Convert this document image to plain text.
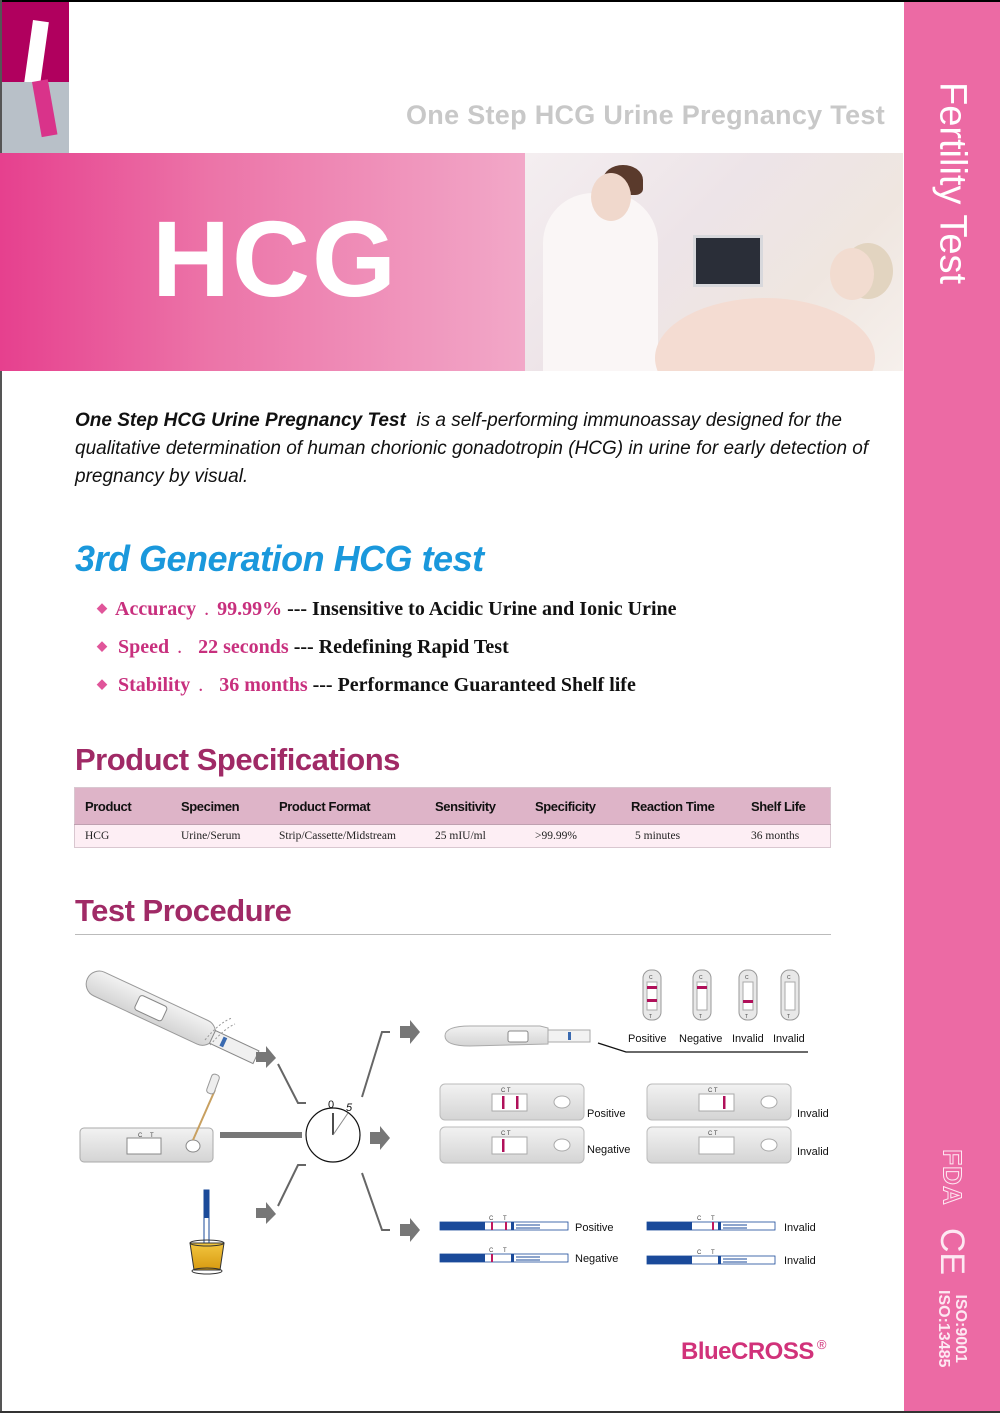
One Step HCG Urine Pregnancy Test
HCG	Fertility Test
FDA
CE
ISO:9001
ISO:13485
One Step HCG Urine Pregnancy Test  is a self-performing immunoassay designed for the qualitative determination of human chorionic gonadotropin (HCG) in urine for early detection of pregnancy by visual.
3rd Generation HCG test
◆ Accuracy . 99.99% --- Insensitive to Acidic Urine and Ionic Urine
◆ Speed . 22 seconds --- Redefining Rapid Test
◆ Stability . 36 months --- Performance Guaranteed Shelf life
Product Specifications
Product	Specimen	Product Format	Sensitivity	Specificity	Reaction Time	Shelf Life
HCG	Urine/Serum	Strip/Cassette/Midstream	25 mIU/ml	>99.99%	5 minutes	36 months
Test Procedure
C T
0 5
C
T
C
T
C
T
C
T
Positive Negative Invalid Invalid
C T
C T
C T
C T
Positive	Invalid
Negative	Invalid
C T
C T
C T
C T
Positive	Invalid
Negative	Invalid
BlueCROSS ®
